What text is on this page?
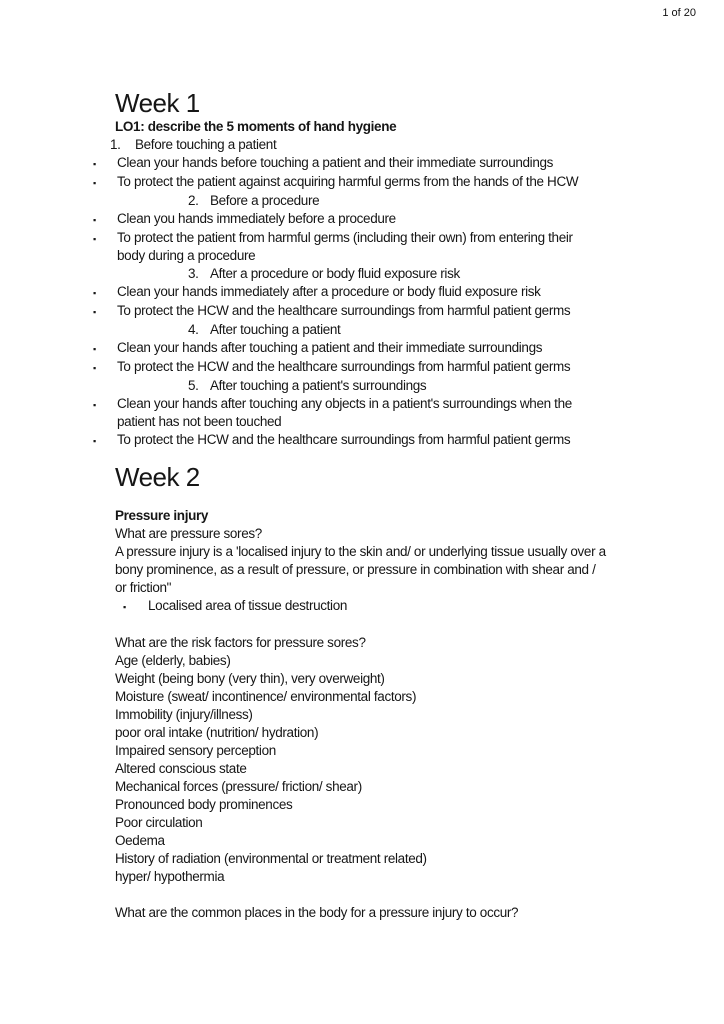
1 of 20
Week 1
LO1: describe the 5 moments of hand hygiene
1. Before touching a patient
▪	Clean your hands before touching a patient and their immediate surroundings
▪	To protect the patient against acquiring harmful germs from the hands of the HCW
2. Before a procedure
▪	Clean you hands immediately before a procedure
▪	To protect the patient from harmful germs (including their own) from entering their
body during a procedure
3. After a procedure or body fluid exposure risk
▪	Clean your hands immediately after a procedure or body fluid exposure risk
▪	To protect the HCW and the healthcare surroundings from harmful patient germs
4. After touching a patient
▪	Clean your hands after touching a patient and their immediate surroundings
▪	To protect the HCW and the healthcare surroundings from harmful patient germs
5. After touching a patient's surroundings
▪	Clean your hands after touching any objects in a patient's surroundings when the
patient has not been touched
▪	To protect the HCW and the healthcare surroundings from harmful patient germs
Week 2
Pressure injury
What are pressure sores?
A pressure injury is a 'localised injury to the skin and/ or underlying tissue usually over a
bony prominence, as a result of pressure, or pressure in combination with shear and /
or friction"
▪	Localised area of tissue destruction
What are the risk factors for pressure sores?
Age (elderly, babies)
Weight (being bony (very thin), very overweight)
Moisture (sweat/ incontinence/ environmental factors)
Immobility (injury/illness)
poor oral intake (nutrition/ hydration)
Impaired sensory perception
Altered conscious state
Mechanical forces (pressure/ friction/ shear)
Pronounced body prominences
Poor circulation
Oedema
History of radiation (environmental or treatment related)
hyper/ hypothermia
What are the common places in the body for a pressure injury to occur?
